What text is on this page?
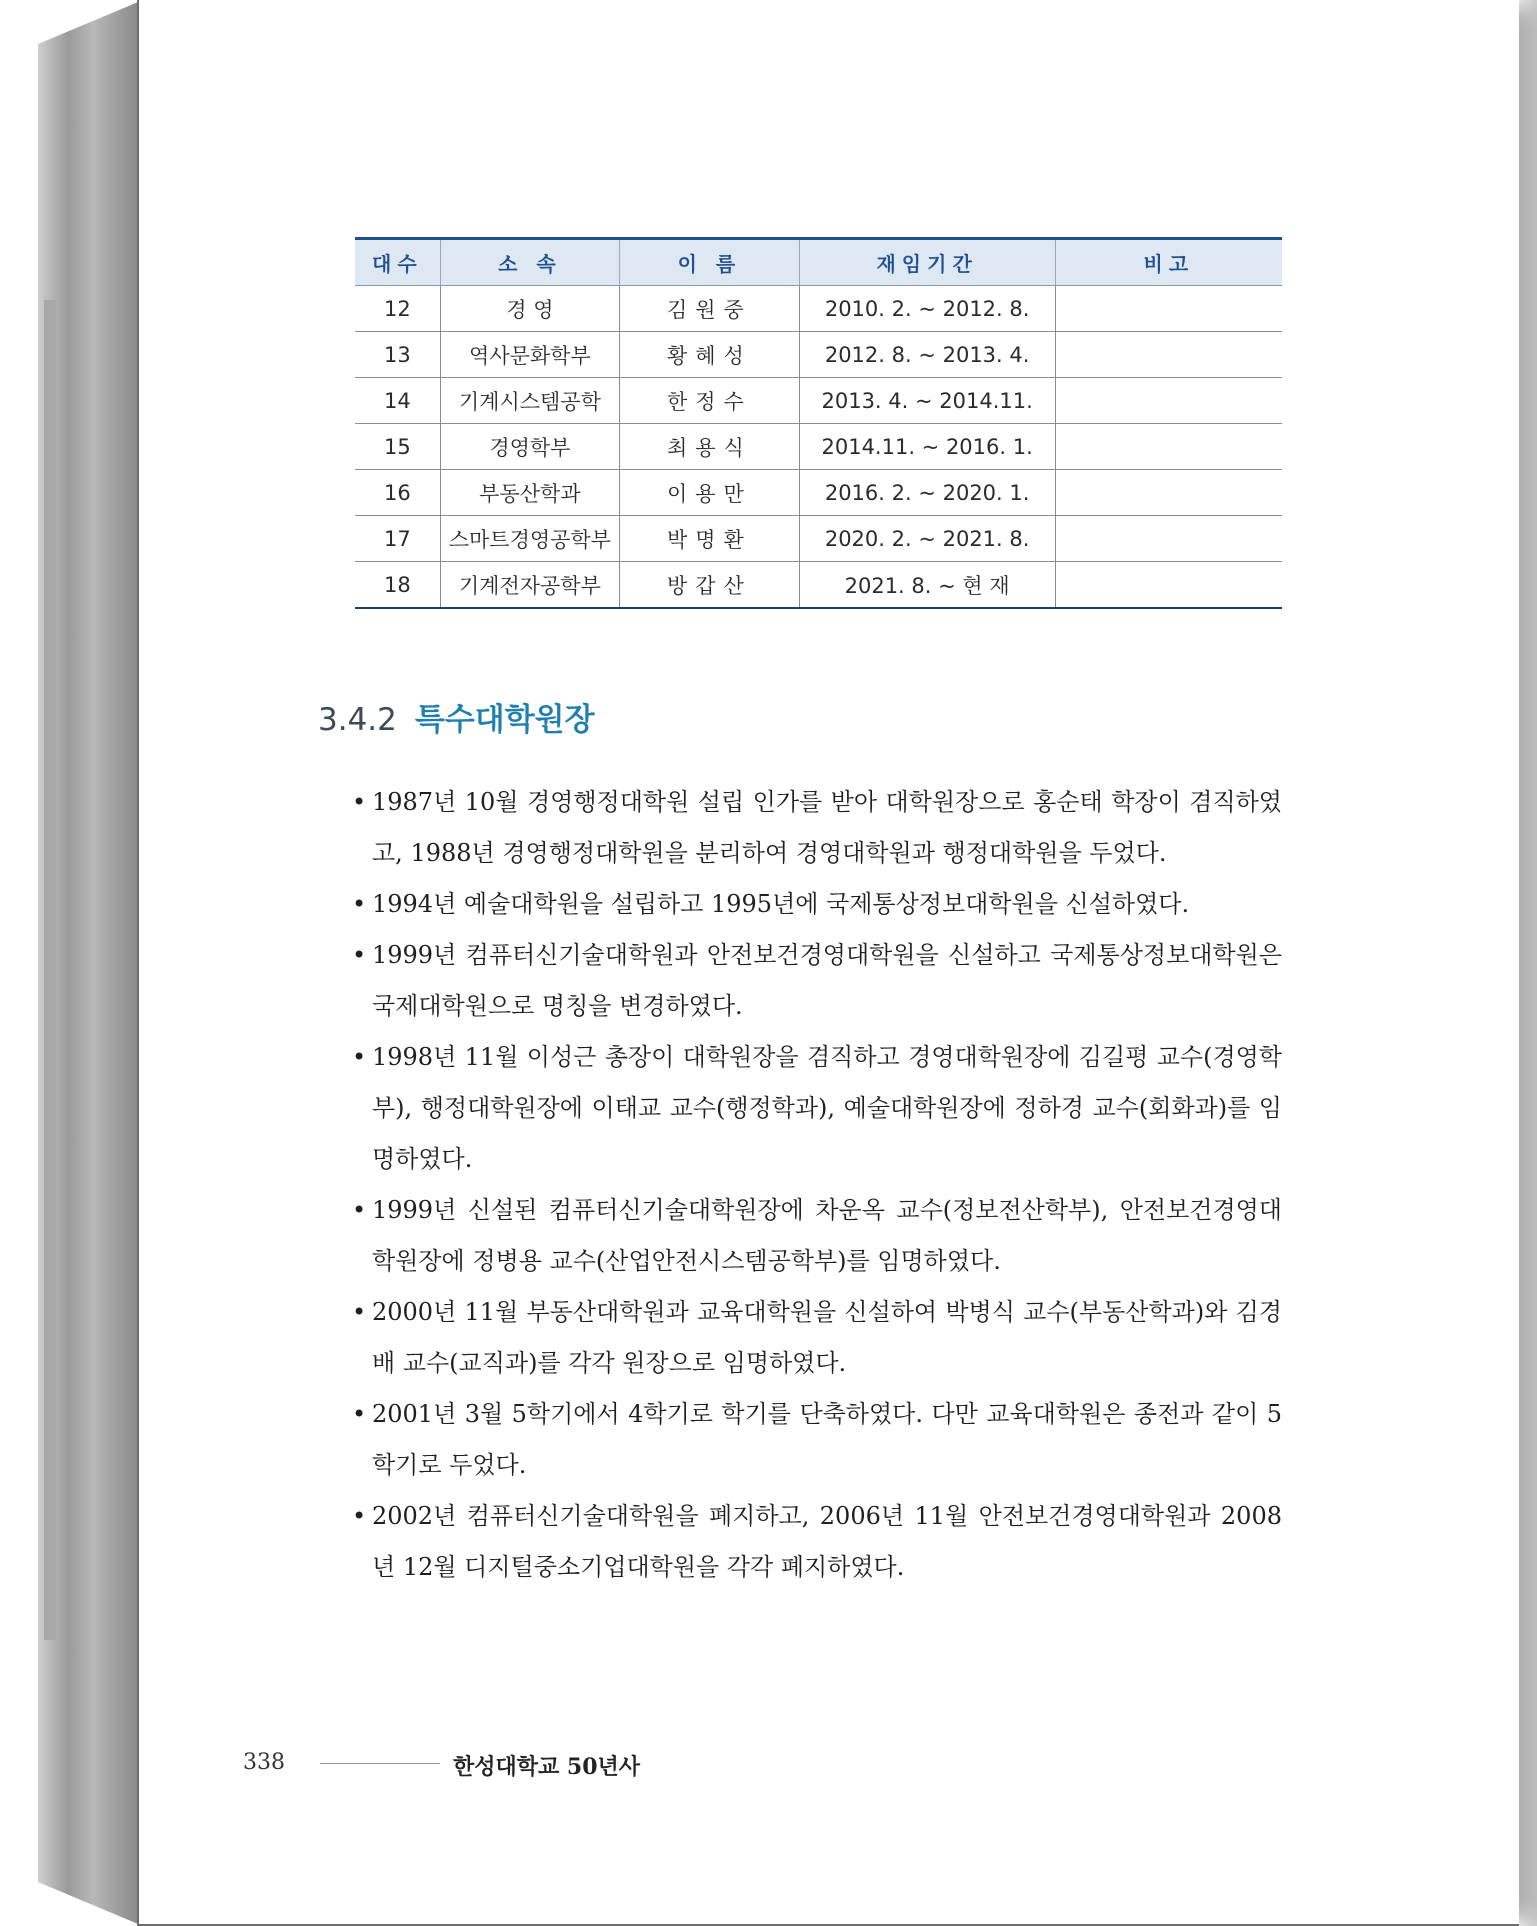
대수	소 속	이 름	재임기간	비고
12	경 영	김원중	2010. 2. ~ 2012. 8.	
13	역사문화학부	황혜성	2012. 8. ~ 2013. 4.	
14	기계시스템공학	한정수	2013. 4. ~ 2014.11.	
15	경영학부	최용식	2014.11. ~ 2016. 1.	
16	부동산학과	이용만	2016. 2. ~ 2020. 1.	
17	스마트경영공학부	박명환	2020. 2. ~ 2021. 8.	
18	기계전자공학부	방갑산	2021. 8. ~ 현 재	
3.4.2 특수대학원장
• 1987년 10월 경영행정대학원 설립 인가를 받아 대학원장으로 홍순태 학장이 겸직하였고, 1988년 경영행정대학원을 분리하여 경영대학원과 행정대학원을 두었다.
• 1994년 예술대학원을 설립하고 1995년에 국제통상정보대학원을 신설하였다.
• 1999년 컴퓨터신기술대학원과 안전보건경영대학원을 신설하고 국제통상정보대학원은 국제대학원으로 명칭을 변경하였다.
• 1998년 11월 이성근 총장이 대학원장을 겸직하고 경영대학원장에 김길평 교수(경영학부), 행정대학원장에 이태교 교수(행정학과), 예술대학원장에 정하경 교수(회화과)를 임명하였다.
• 1999년 신설된 컴퓨터신기술대학원장에 차운옥 교수(정보전산학부), 안전보건경영대학원장에 정병용 교수(산업안전시스템공학부)를 임명하였다.
• 2000년 11월 부동산대학원과 교육대학원을 신설하여 박병식 교수(부동산학과)와 김경배 교수(교직과)를 각각 원장으로 임명하였다.
• 2001년 3월 5학기에서 4학기로 학기를 단축하였다. 다만 교육대학원은 종전과 같이 5학기로 두었다.
• 2002년 컴퓨터신기술대학원을 폐지하고, 2006년 11월 안전보건경영대학원과 2008년 12월 디지털중소기업대학원을 각각 폐지하였다.
338	한성대학교 50년사
